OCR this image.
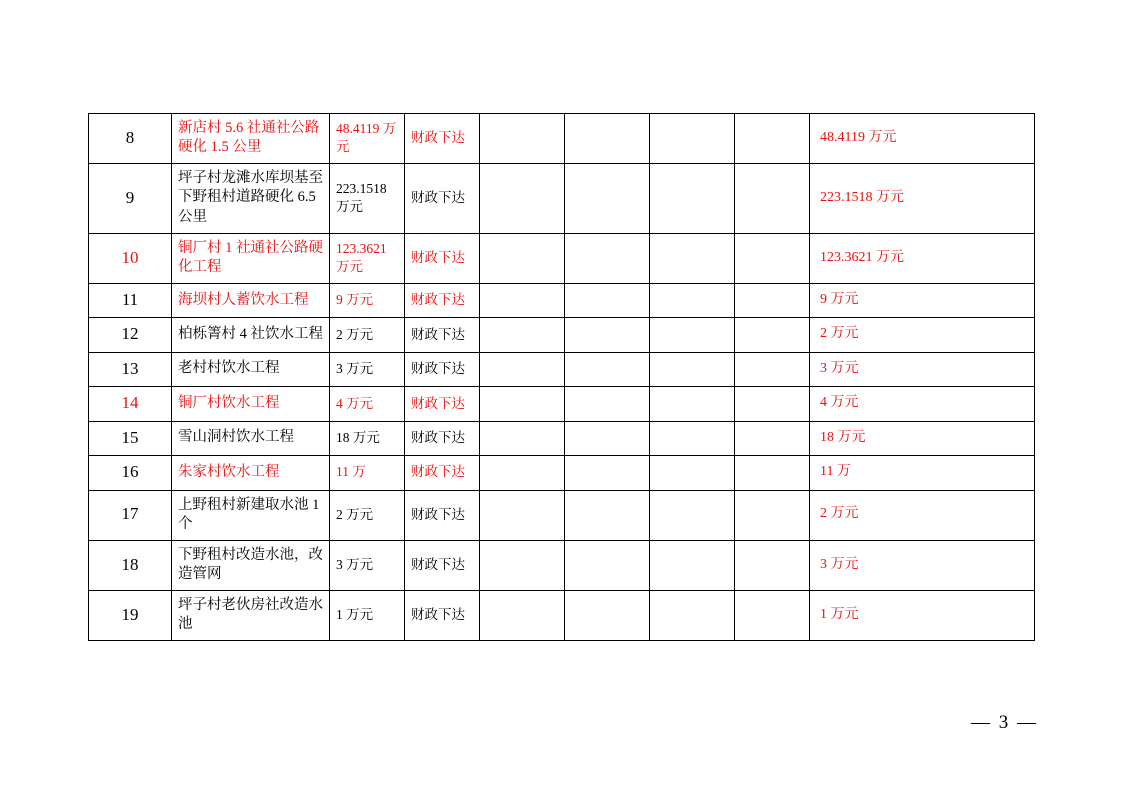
8	新店村 5.6 社通社公路硬化 1.5 公里	48.4119 万元	财政下达					48.4119 万元
9	坪子村龙滩水库坝基至下野租村道路硬化 6.5 公里	223.1518 万元	财政下达					223.1518 万元
10	铜厂村 1 社通社公路硬化工程	123.3621 万元	财政下达					123.3621 万元
11	海坝村人蓄饮水工程	9 万元	财政下达					9 万元
12	柏栎箐村 4 社饮水工程	2 万元	财政下达					2 万元
13	老村村饮水工程	3 万元	财政下达					3 万元
14	铜厂村饮水工程	4 万元	财政下达					4 万元
15	雪山洞村饮水工程	18 万元	财政下达					18 万元
16	朱家村饮水工程	11 万	财政下达					11 万
17	上野租村新建取水池 1 个	2 万元	财政下达					2 万元
18	下野租村改造水池，改造管网	3 万元	财政下达					3 万元
19	坪子村老伙房社改造水池	1 万元	财政下达					1 万元
— 3 —
